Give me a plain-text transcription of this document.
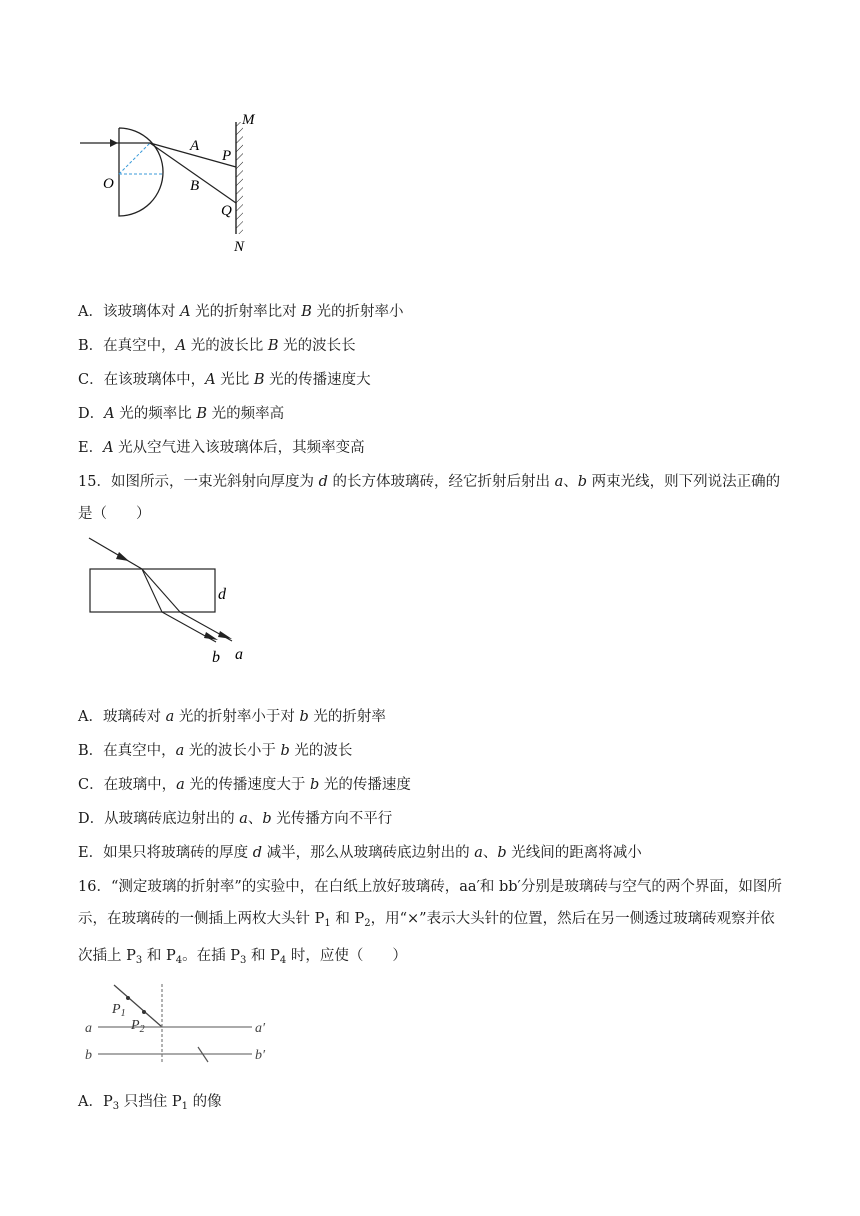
M
P
A
O	B
Q
N
A．该玻璃体对 A 光的折射率比对 B 光的折射率小
B．在真空中，A 光的波长比 B 光的波长长
C．在该玻璃体中，A 光比 B 光的传播速度大
D．A 光的频率比 B 光的频率高
E．A 光从空气进入该玻璃体后，其频率变高
15．如图所示，一束光斜射向厚度为 d 的长方体玻璃砖，经它折射后射出 a、b 两束光线，则下列说法正确的是（　　）
d
b a
A．玻璃砖对 a 光的折射率小于对 b 光的折射率
B．在真空中，a 光的波长小于 b 光的波长
C．在玻璃中，a 光的传播速度大于 b 光的传播速度
D．从玻璃砖底边射出的 a、b 光传播方向不平行
E．如果只将玻璃砖的厚度 d 减半，那么从玻璃砖底边射出的 a、b 光线间的距离将减小
16．“测定玻璃的折射率”的实验中，在白纸上放好玻璃砖，aa′和 bb′分别是玻璃砖与空气的两个界面，如图所示，在玻璃砖的一侧插上两枚大头针 $P_1$ 和 $P_2$，用“×”表示大头针的位置，然后在另一侧透过玻璃砖观察并依次插上 $P_3$ 和 $P_4$。在插 $P_3$ 和 $P_4$ 时，应使（　　）
$P_1$
$P_2$
a	a′
b	b′
A．$P_3$ 只挡住 $P_1$ 的像
